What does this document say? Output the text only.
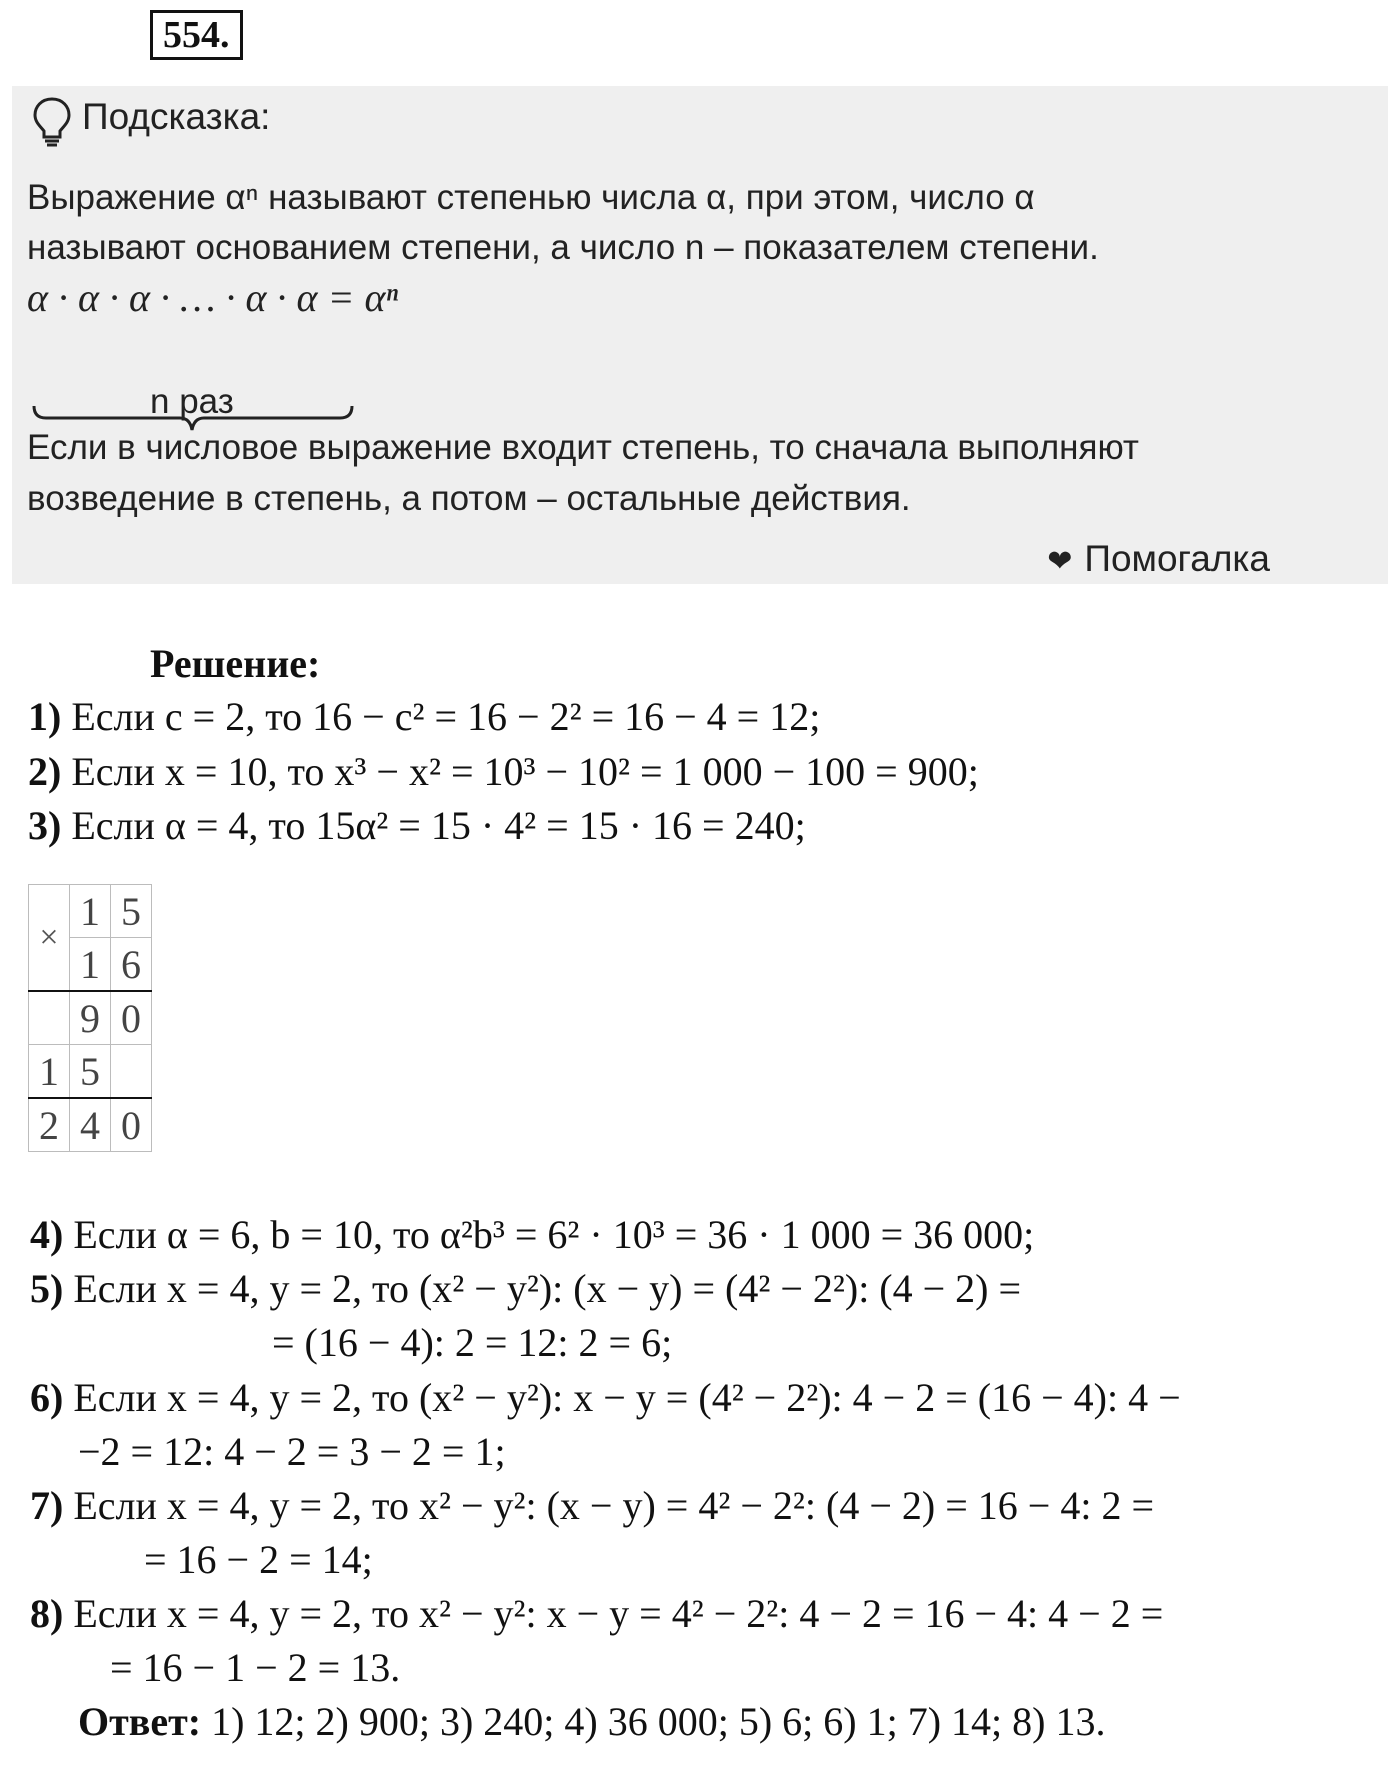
554.
Подсказка:
Выражение αⁿ называют степенью числа α, при этом, число α
называют основанием степени, а число n – показателем степени.
α · α · α · … · α · α = αⁿ
n раз
Если в числовое выражение входит степень, то сначала выполняют
возведение в степень, а потом – остальные действия.
❤ Помогалка
Решение:
1) Если c = 2, то 16 − c² = 16 − 2² = 16 − 4 = 12;
2) Если x = 10, то x³ − x² = 10³ − 10² = 1 000 − 100 = 900;
3) Если α = 4, то 15α² = 15 · 4² = 15 · 16 = 240;
×	1	5
	1	6
	9	0
1	5	
2	4	0
4) Если α = 6, b = 10, то α²b³ = 6² · 10³ = 36 · 1 000 = 36 000;
5) Если x = 4, y = 2, то (x² − y²): (x − y) = (4² − 2²): (4 − 2) =
= (16 − 4): 2 = 12: 2 = 6;
6) Если x = 4, y = 2, то (x² − y²): x − y = (4² − 2²): 4 − 2 = (16 − 4): 4 −
−2 = 12: 4 − 2 = 3 − 2 = 1;
7) Если x = 4, y = 2, то x² − y²: (x − y) = 4² − 2²: (4 − 2) = 16 − 4: 2 =
= 16 − 2 = 14;
8) Если x = 4, y = 2, то x² − y²: x − y = 4² − 2²: 4 − 2 = 16 − 4: 4 − 2 =
= 16 − 1 − 2 = 13.
Ответ: 1) 12; 2) 900; 3) 240; 4) 36 000; 5) 6; 6) 1; 7) 14; 8) 13.
